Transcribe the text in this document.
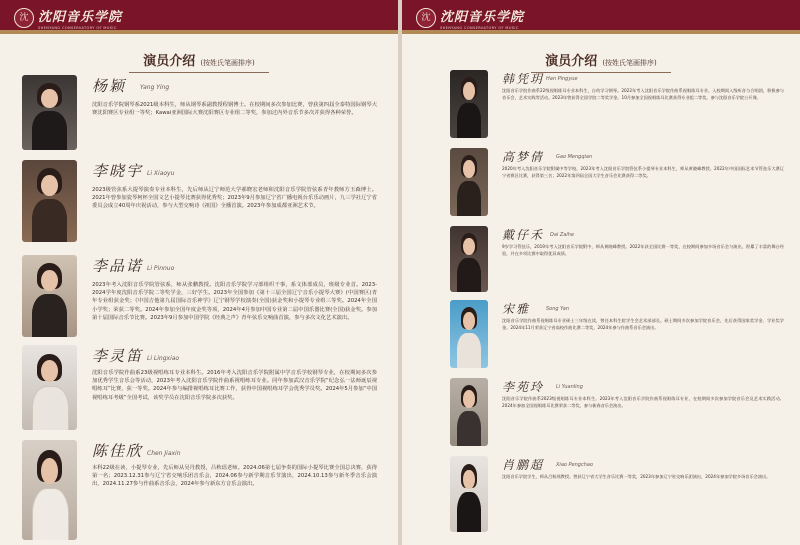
沈 沈阳音乐学院
SHENYANG CONSERVATORY OF MUSIC
演员介绍 (按姓氏笔画排序)
杨颖 Yang Ying
沈阳音乐学院钢琴系2021级本科生，师从钢琴系副教授程钢博士。在校期间多次参加比赛，曾获第四届全泰特国际钢琴大赛沈阳赛区专业组一等奖；Kawai亚洲国际大赛沈阳赛区专业组二等奖，参加过内外音乐节多次并获得各种荣誉。
李晓宇 Li Xiaoyu
2023级管弦系大提琴演奏专业本科生，先后师从辽宁师范大学郝晓宏老师和沈阳音乐学院管弦系青年教师方玉森博士。2021年曾参加瓷琴柯杯全国文艺小提琴比赛获得优秀奖；2023年9月参加辽宁省广播电视台乐乐动画片，九三学社辽宁省委员会成立40周年庆祝活动，参与大型交响诗《祖国》全播首演。2023年参加成都亚洲艺术节。
李品诺 Li Pinnuo
2023年考入沈阳音乐学院管弦系，师从张鹏教授。沈阳音乐学院学习部组织干事，系文体部成员，班级专业首。2023-2024学年度沈阳音乐学院二等奖学金，三好学生。2023年全国参加《第十三届全国辽宁音乐小提琴大赛》(中国赛区)青年专业组获金奖；《中国吉他第九届国际音乐神学》辽宁钢琴学校演奏(全国)获金奖和小提琴专业组三等奖。2024年全国小学奖；荣获二等奖。2024年参加全国年度金奖等项，2024年4月参加中国专业第二届中国乐器比赛(全国)获金奖。参加第十届国际音乐节比赛。2023年9月参加中国学院《经典之声》青年弦乐交响曲首演，参与多次文化艺术演出。
李灵笛 Li Lingxiao
沈阳音乐学院作曲系23级视唱练耳专业本科生。2016年考入沈阳音乐学院附属中学音乐学校钢琴专业，在校期间多次参加优秀学生音乐会等活动，2023年考入沈阳音乐学院作曲系视唱练耳专业。同年参加武汉音乐学院“纪念弘一法师诞辰视唱练耳”比赛，获一等奖。2024年参与编排视唱练耳比赛工作，获得中国视唱练耳学会优秀学员奖。2024年5月参加“中国视唱练耳考级”全国考试，该奖学员在沈阳音乐学院多次获奖。
陈佳欣 Chen Jiaxin
本科22级在读，小提琴专业，先后师从吴丹教授，吕秋瑶老师。2024.06第七届争奏的国际小提琴比赛全国总决赛，获得第一名；2023.12.31参与辽宁省交响乐团音乐会，2024.06参与新学期音乐节演出，2024.10.13参与新冬季音乐会演出，2024.11.27参与作曲系音乐会，2024年参与新东方音乐会演出。
沈 沈阳音乐学院
SHENYANG CONSERVATORY OF MUSIC
演员介绍 (按姓氏笔画排序)
韩凭玥 Han Pingyue
沈阳音乐学院作曲系22级视唱练耳专业本科生，自幼学习钢琴。2022年考入沈阳音乐学院作曲系视唱练耳专业。入校期间入级听音与合唱团，积极参与音乐会，艺术实践等活动。2023年曾获得全国学院二等奖学金。10月参加全国视唱练耳比赛获得专业组二等奖。参与沈阳音乐学院公开课。
高梦倩 Gao Mengqian
2020年考入沈阳音乐学院附属中等学校，2023年考入沈阳音乐学院管弦系小提琴专业本科生，师从黄晓峰教授。2022年中国国际艺术节管弦乐大赛辽宁省赛区比赛，获得第三名；2022年第四届全国大学生音乐会比赛获得二等奖。
戴仔禾 Dai Zaihe
9岁学习管弦乐，2019年考入沈阳音乐学院附中，师从黄晓峰教授。2022年获全国比赛一等奖，在校期间参加多场音乐会与演出，积累了丰富的舞台经验，并在多项比赛中取得优异成绩。
宋雅	Song Yan
沈阳音乐学院作曲系视唱练耳专业硕士三年级在读，曾任本科生院学生会艺术部部长。硕士期间多次参加学院音乐会，先后获得国家奖学金、学业奖学金。2024年11月荣获辽宁省高校作曲比赛二等奖，2024年参与作曲系音乐会演出。
李苑玲 Li Yuanling
沈阳音乐学院作曲系2023级视唱练耳专业本科生。2023年考入沈阳音乐学院作曲系视唱练耳专业，在校期间多次参加学院音乐会及艺术实践活动。2024年参加全国视唱练耳比赛荣获二等奖，参与新春音乐会演出。
肖鹏超 Xiao Pengchao
沈阳音乐学院学生，师从吕秋瑶教授。曾获辽宁省大学生音乐比赛一等奖，2023年参加辽宁省交响乐团演出，2024年参加学院多场音乐会演出。
